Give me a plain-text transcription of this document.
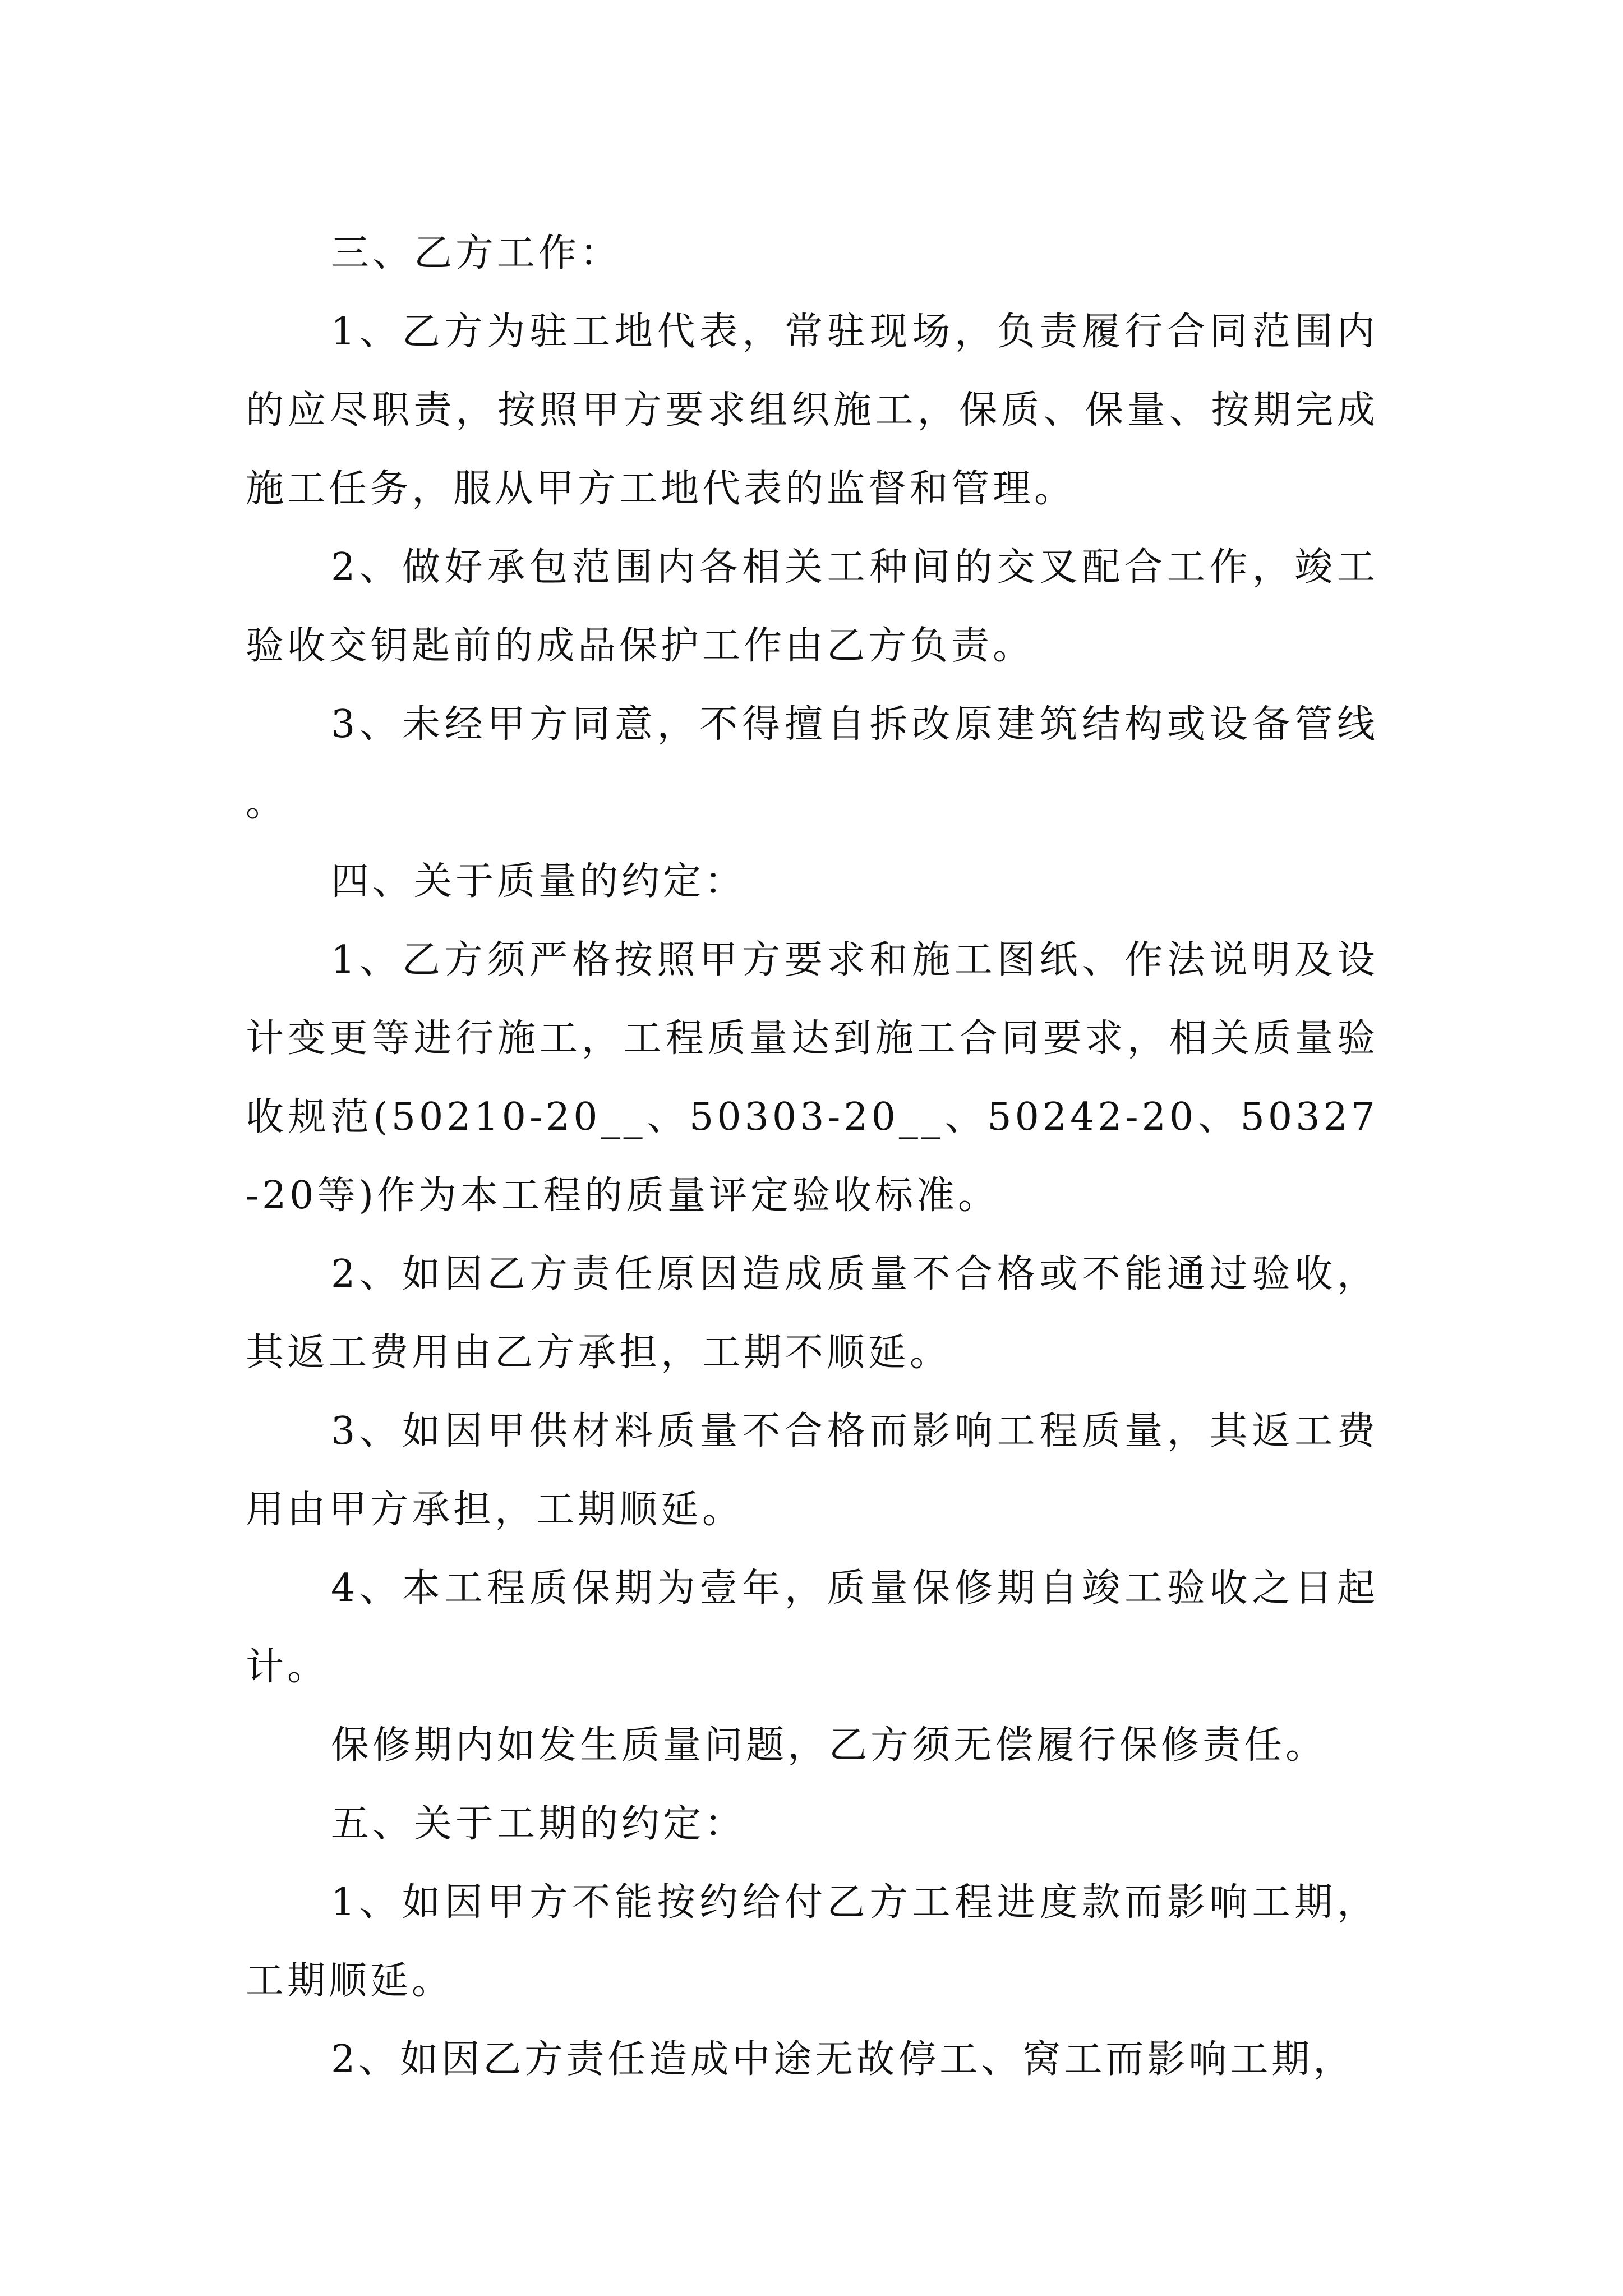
三、乙方工作：

1、乙方为驻工地代表，常驻现场，负责履行合同范围内的应尽职责，按照甲方要求组织施工，保质、保量、按期完成施工任务，服从甲方工地代表的监督和管理。

2、做好承包范围内各相关工种间的交叉配合工作，竣工验收交钥匙前的成品保护工作由乙方负责。

3、未经甲方同意，不得擅自拆改原建筑结构或设备管线。

四、关于质量的约定：

1、乙方须严格按照甲方要求和施工图纸、作法说明及设计变更等进行施工，工程质量达到施工合同要求，相关质量验收规范(50210-20__、50303-20__、50242-20、50327-20等)作为本工程的质量评定验收标准。

2、如因乙方责任原因造成质量不合格或不能通过验收，其返工费用由乙方承担，工期不顺延。

3、如因甲供材料质量不合格而影响工程质量，其返工费用由甲方承担，工期顺延。

4、本工程质保期为壹年，质量保修期自竣工验收之日起计。

保修期内如发生质量问题，乙方须无偿履行保修责任。

五、关于工期的约定：

1、如因甲方不能按约给付乙方工程进度款而影响工期，工期顺延。

2、如因乙方责任造成中途无故停工、窝工而影响工期，
